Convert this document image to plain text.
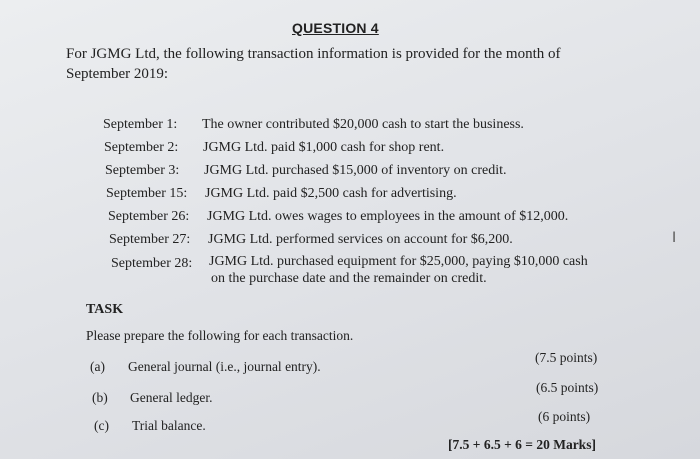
QUESTION 4

For JGMG Ltd, the following transaction information is provided for the month of September 2019:

September 1: The owner contributed $20,000 cash to start the business.
September 2: JGMG Ltd. paid $1,000 cash for shop rent.
September 3: JGMG Ltd. purchased $15,000 of inventory on credit.
September 15: JGMG Ltd. paid $2,500 cash for advertising.
September 26: JGMG Ltd. owes wages to employees in the amount of $12,000.
September 27: JGMG Ltd. performed services on account for $6,200.
September 28: JGMG Ltd. purchased equipment for $25,000, paying $10,000 cash
on the purchase date and the remainder on credit.
TASK
Please prepare the following for each transaction.
(a) General journal (i.e., journal entry).
(7.5 points)
(b) General ledger.
(6.5 points)
(c) Trial balance.
(6 points)
[7.5 + 6.5 + 6 = 20 Marks]
I
